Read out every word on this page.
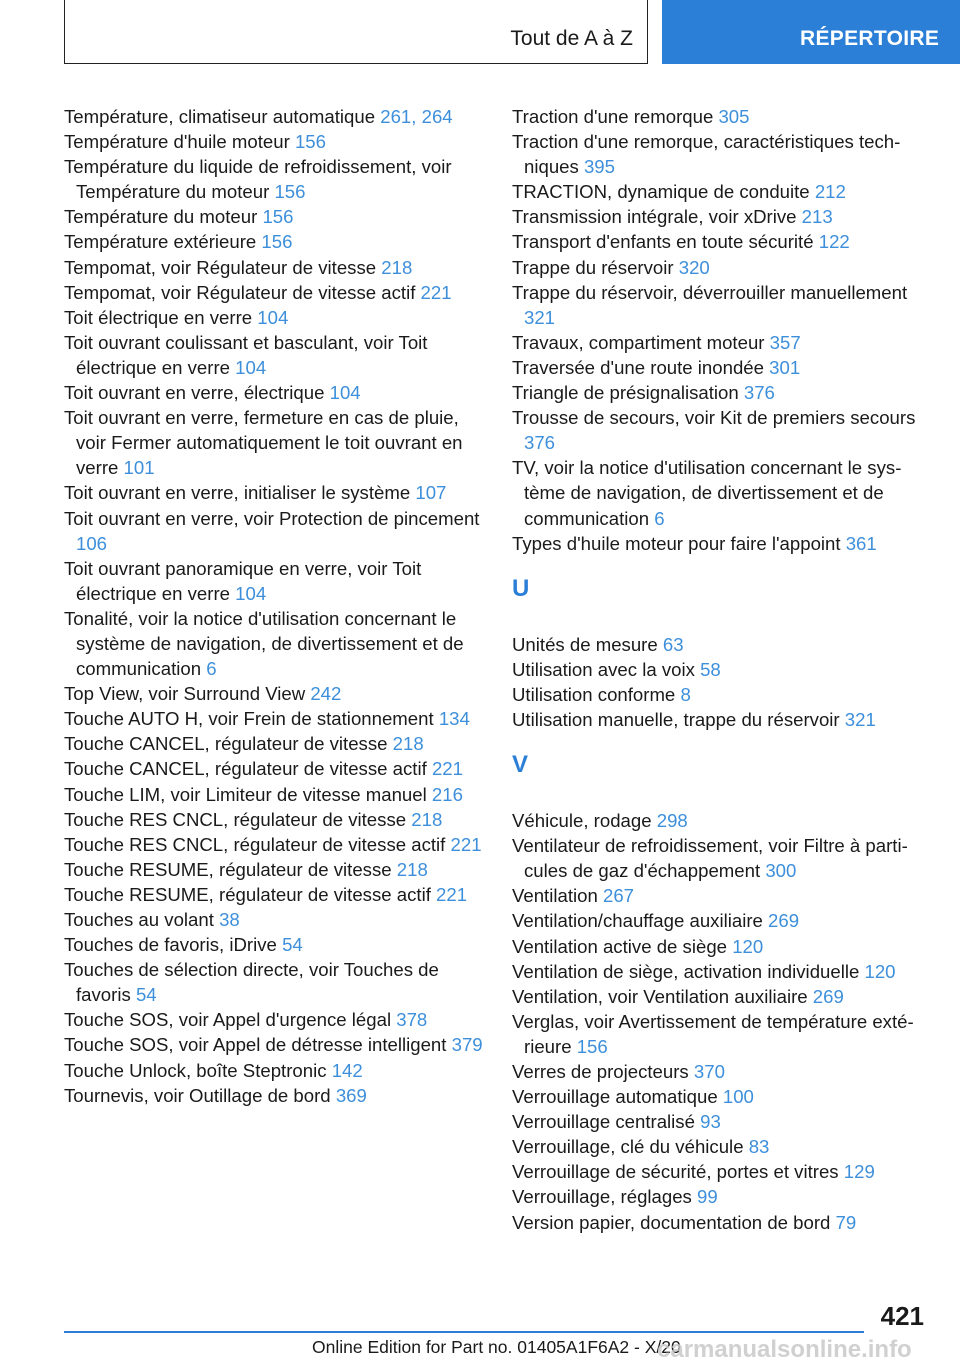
Tout de A à Z	RÉPERTOIRE
Température, climatiseur automatique 261, 264
Température d'huile moteur 156
Température du liquide de refroidissement, voir Température du moteur 156
Température du moteur 156
Température extérieure 156
Tempomat, voir Régulateur de vitesse 218
Tempomat, voir Régulateur de vitesse actif 221
Toit électrique en verre 104
Toit ouvrant coulissant et basculant, voir Toit électrique en verre 104
Toit ouvrant en verre, électrique 104
Toit ouvrant en verre, fermeture en cas de pluie, voir Fermer automatiquement le toit ouvrant en verre 101
Toit ouvrant en verre, initialiser le système 107
Toit ouvrant en verre, voir Protection de pincement 106
Toit ouvrant panoramique en verre, voir Toit électrique en verre 104
Tonalité, voir la notice d'utilisation concernant le système de navigation, de divertissement et de communication 6
Top View, voir Surround View 242
Touche AUTO H, voir Frein de stationnement 134
Touche CANCEL, régulateur de vitesse 218
Touche CANCEL, régulateur de vitesse actif 221
Touche LIM, voir Limiteur de vitesse manuel 216
Touche RES CNCL, régulateur de vitesse 218
Touche RES CNCL, régulateur de vitesse actif 221
Touche RESUME, régulateur de vitesse 218
Touche RESUME, régulateur de vitesse actif 221
Touches au volant 38
Touches de favoris, iDrive 54
Touches de sélection directe, voir Touches de favoris 54
Touche SOS, voir Appel d'urgence légal 378
Touche SOS, voir Appel de détresse intelligent 379
Touche Unlock, boîte Steptronic 142
Tournevis, voir Outillage de bord 369
Traction d'une remorque 305
Traction d'une remorque, caractéristiques techniques 395
TRACTION, dynamique de conduite 212
Transmission intégrale, voir xDrive 213
Transport d'enfants en toute sécurité 122
Trappe du réservoir 320
Trappe du réservoir, déverrouiller manuellement 321
Travaux, compartiment moteur 357
Traversée d'une route inondée 301
Triangle de présignalisation 376
Trousse de secours, voir Kit de premiers secours 376
TV, voir la notice d'utilisation concernant le système de navigation, de divertissement et de communication 6
Types d'huile moteur pour faire l'appoint 361
U
Unités de mesure 63
Utilisation avec la voix 58
Utilisation conforme 8
Utilisation manuelle, trappe du réservoir 321
V
Véhicule, rodage 298
Ventilateur de refroidissement, voir Filtre à particules de gaz d'échappement 300
Ventilation 267
Ventilation/chauffage auxiliaire 269
Ventilation active de siège 120
Ventilation de siège, activation individuelle 120
Ventilation, voir Ventilation auxiliaire 269
Verglas, voir Avertissement de température extérieure 156
Verres de projecteurs 370
Verrouillage automatique 100
Verrouillage centralisé 93
Verrouillage, clé du véhicule 83
Verrouillage de sécurité, portes et vitres 129
Verrouillage, réglages 99
Version papier, documentation de bord 79
421
Online Edition for Part no. 01405A1F6A2 - X/20
carmanualsonline.info
